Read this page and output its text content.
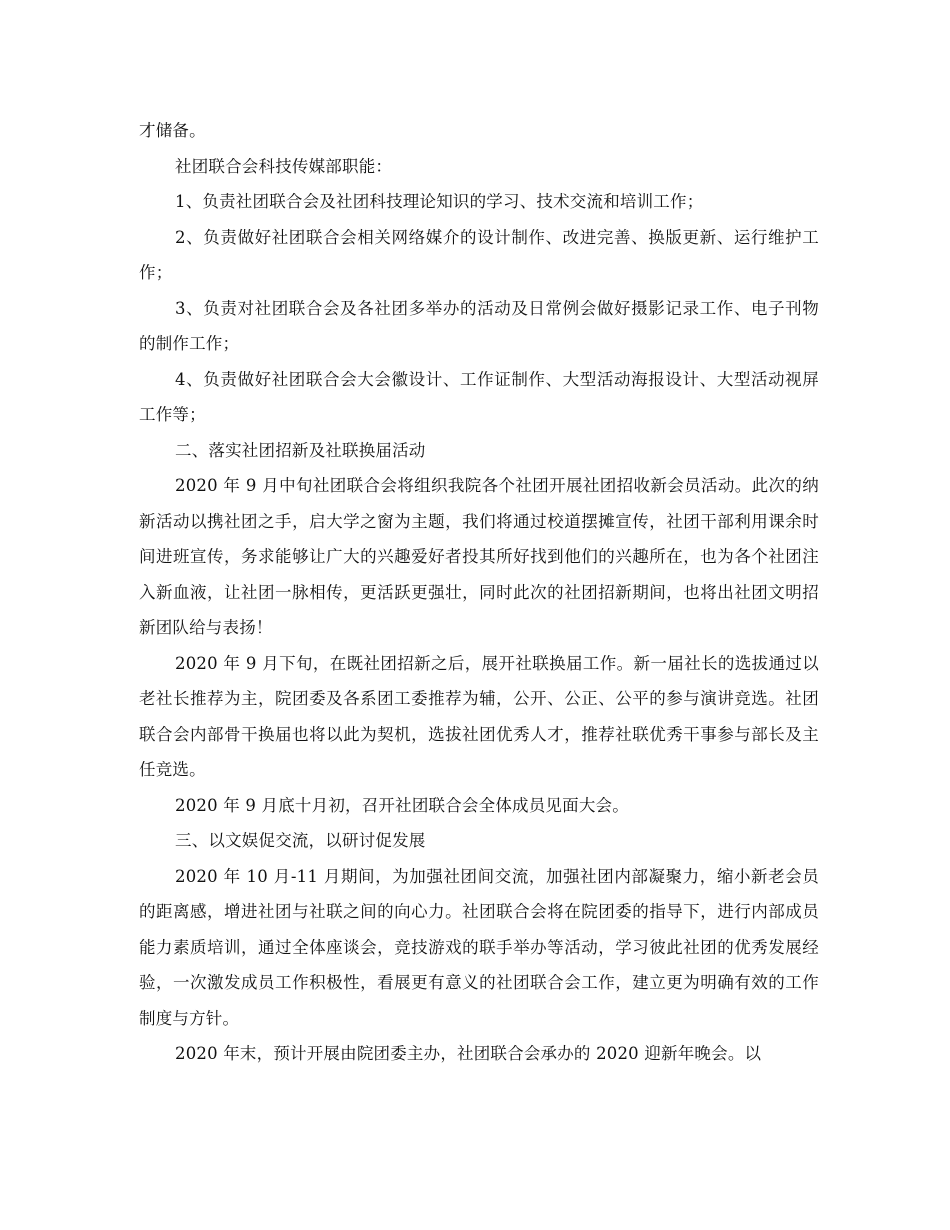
才储备。

社团联合会科技传媒部职能：

1、负责社团联合会及社团科技理论知识的学习、技术交流和培训工作；

2、负责做好社团联合会相关网络媒介的设计制作、改进完善、换版更新、运行维护工作；

3、负责对社团联合会及各社团多举办的活动及日常例会做好摄影记录工作、电子刊物的制作工作；

4、负责做好社团联合会大会徽设计、工作证制作、大型活动海报设计、大型活动视屏工作等；

二、落实社团招新及社联换届活动

2020 年 9 月中旬社团联合会将组织我院各个社团开展社团招收新会员活动。此次的纳新活动以携社团之手，启大学之窗为主题，我们将通过校道摆摊宣传，社团干部利用课余时间进班宣传，务求能够让广大的兴趣爱好者投其所好找到他们的兴趣所在，也为各个社团注入新血液，让社团一脉相传，更活跃更强壮，同时此次的社团招新期间，也将出社团文明招新团队给与表扬！

2020 年 9 月下旬，在既社团招新之后，展开社联换届工作。新一届社长的选拔通过以老社长推荐为主，院团委及各系团工委推荐为辅，公开、公正、公平的参与演讲竞选。社团联合会内部骨干换届也将以此为契机，选拔社团优秀人才，推荐社联优秀干事参与部长及主任竞选。

2020 年 9 月底十月初，召开社团联合会全体成员见面大会。

三、以文娱促交流，以研讨促发展

2020 年 10 月-11 月期间，为加强社团间交流，加强社团内部凝聚力，缩小新老会员的距离感，增进社团与社联之间的向心力。社团联合会将在院团委的指导下，进行内部成员能力素质培训，通过全体座谈会，竞技游戏的联手举办等活动，学习彼此社团的优秀发展经验，一次激发成员工作积极性，看展更有意义的社团联合会工作，建立更为明确有效的工作制度与方针。

2020 年末，预计开展由院团委主办，社团联合会承办的 2020 迎新年晚会。以
